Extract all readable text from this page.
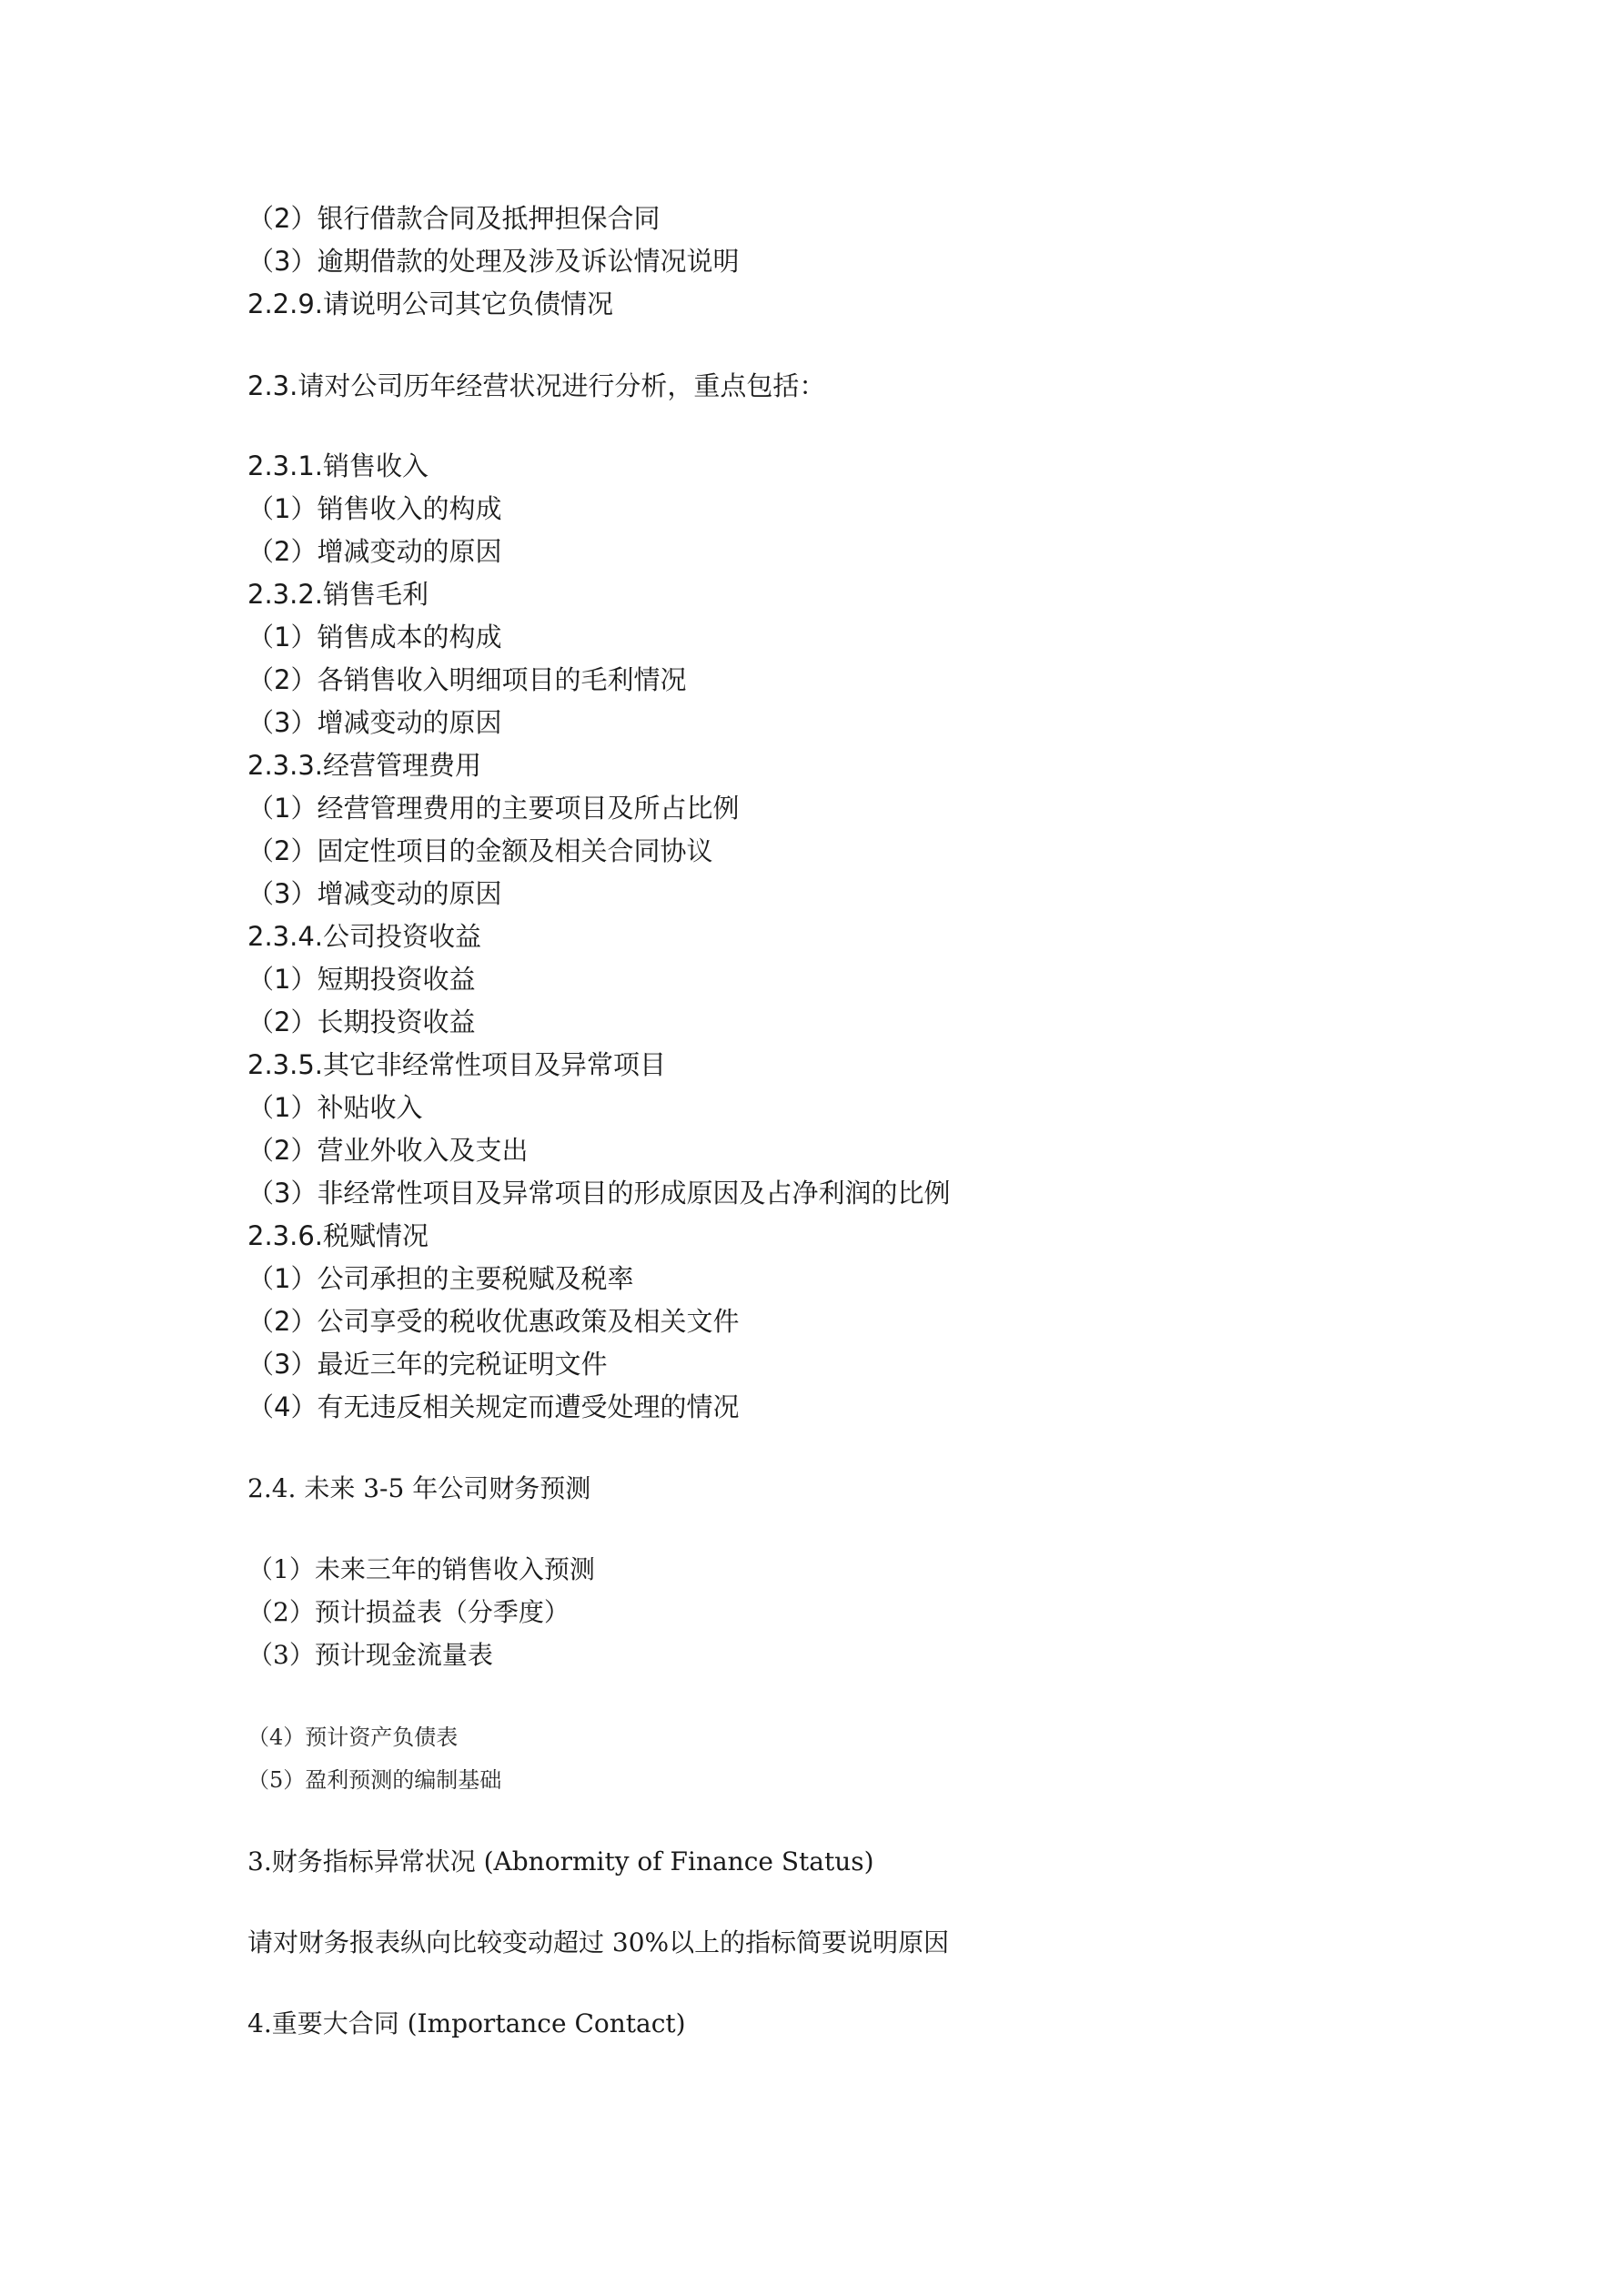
（2）银行借款合同及抵押担保合同
（3）逾期借款的处理及涉及诉讼情况说明
2.2.9.请说明公司其它负债情况
2.3.请对公司历年经营状况进行分析，重点包括：
2.3.1.销售收入
（1）销售收入的构成
（2）增减变动的原因
2.3.2.销售毛利
（1）销售成本的构成
（2）各销售收入明细项目的毛利情况
（3）增减变动的原因
2.3.3.经营管理费用
（1）经营管理费用的主要项目及所占比例
（2）固定性项目的金额及相关合同协议
（3）增减变动的原因
2.3.4.公司投资收益
（1）短期投资收益
（2）长期投资收益
2.3.5.其它非经常性项目及异常项目
（1）补贴收入
（2）营业外收入及支出
（3）非经常性项目及异常项目的形成原因及占净利润的比例
2.3.6.税赋情况
（1）公司承担的主要税赋及税率
（2）公司享受的税收优惠政策及相关文件
（3）最近三年的完税证明文件
（4）有无违反相关规定而遭受处理的情况
2.4. 未来 3-5 年公司财务预测
（1）未来三年的销售收入预测
（2）预计损益表（分季度）
（3）预计现金流量表
（4）预计资产负债表
（5）盈利预测的编制基础
3.财务指标异常状况 (Abnormity of Finance Status)
请对财务报表纵向比较变动超过 30%以上的指标简要说明原因
4.重要大合同 (Importance Contact)
